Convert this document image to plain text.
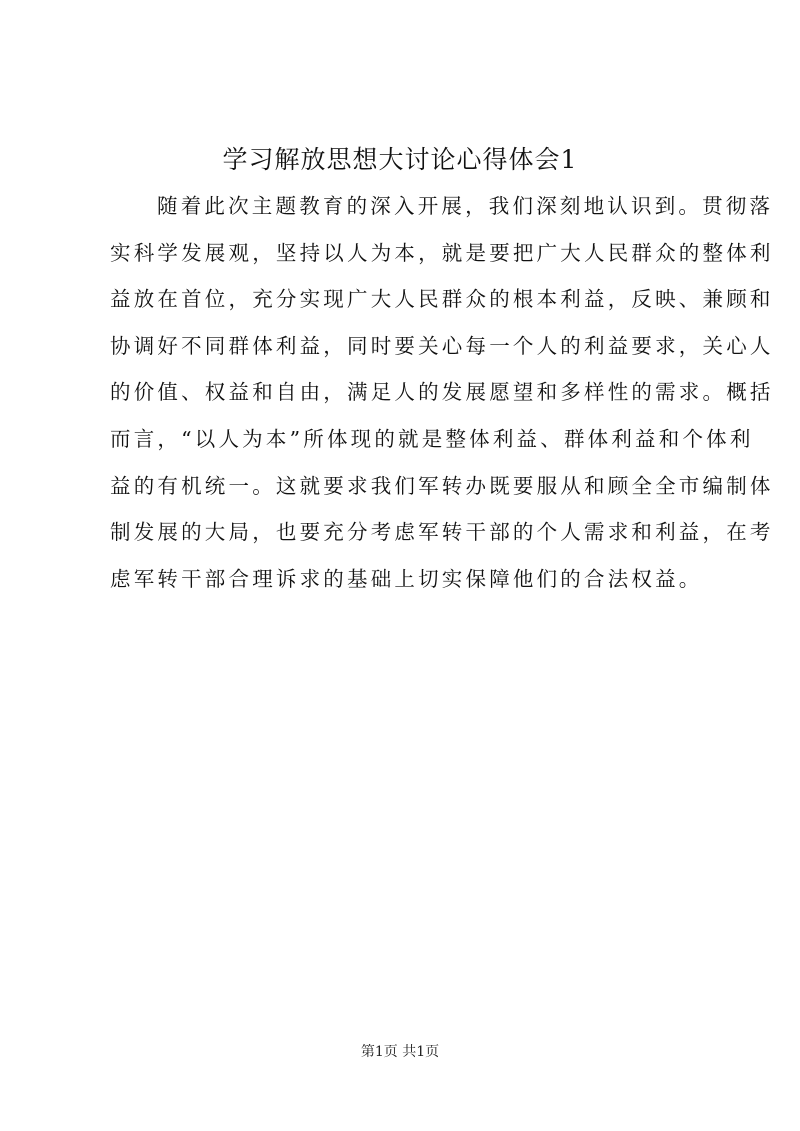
学习解放思想大讨论心得体会1
随着此次主题教育的深入开展，我们深刻地认识到。贯彻落
实科学发展观，坚持以人为本，就是要把广大人民群众的整体利
益放在首位，充分实现广大人民群众的根本利益，反映、兼顾和
协调好不同群体利益，同时要关心每一个人的利益要求，关心人
的价值、权益和自由，满足人的发展愿望和多样性的需求。概括
而言，“以人为本”所体现的就是整体利益、群体利益和个体利
益的有机统一。这就要求我们军转办既要服从和顾全全市编制体
制发展的大局，也要充分考虑军转干部的个人需求和利益，在考
虑军转干部合理诉求的基础上切实保障他们的合法权益。

第1页 共1页
